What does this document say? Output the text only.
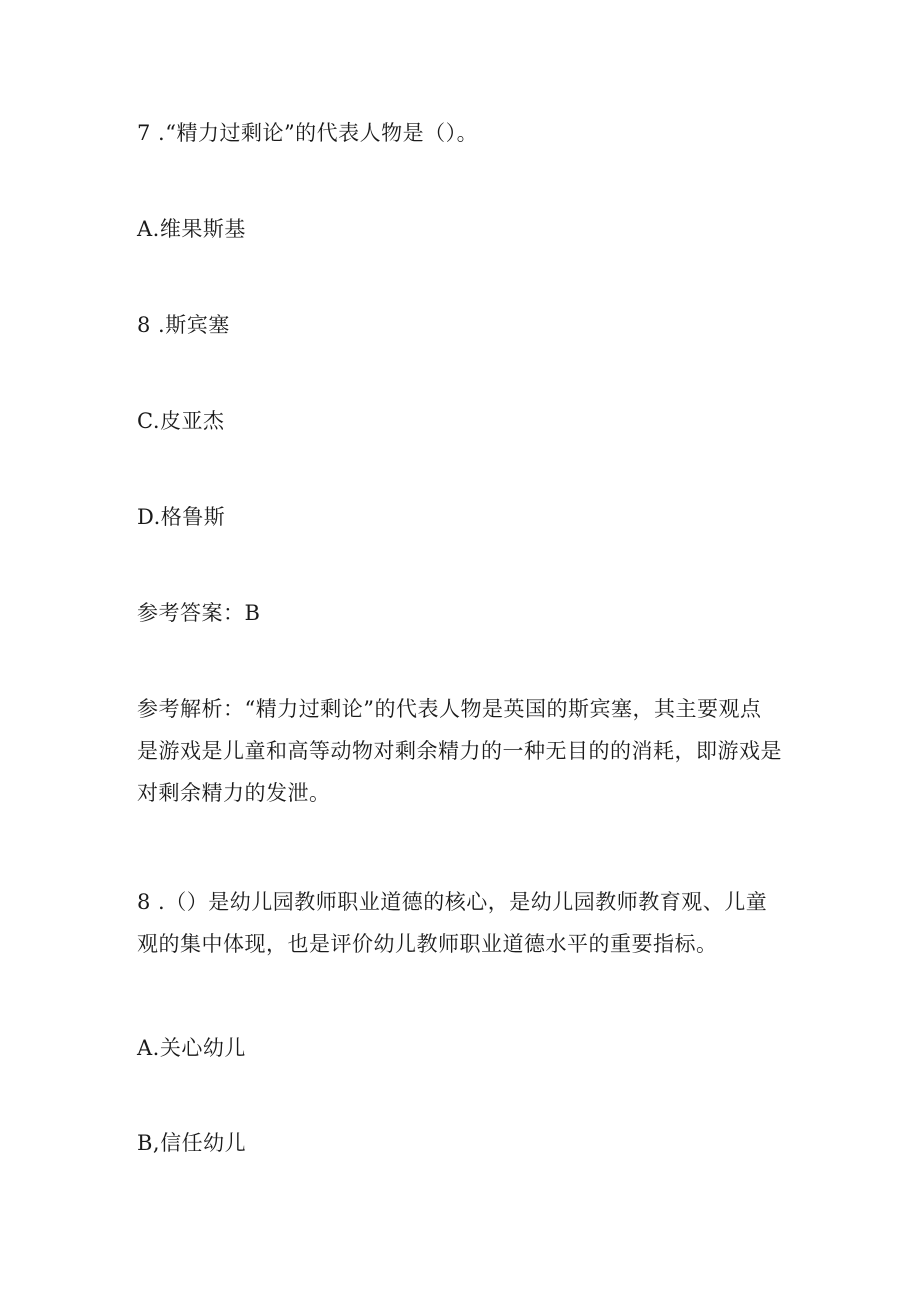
7 .“精力过剩论”的代表人物是（）。
A.维果斯基
8 .斯宾塞
C.皮亚杰
D.格鲁斯
参考答案：B
参考解析：“精力过剩论”的代表人物是英国的斯宾塞，其主要观点
是游戏是儿童和高等动物对剩余精力的一种无目的的消耗，即游戏是
对剩余精力的发泄。
8 .（）是幼儿园教师职业道德的核心，是幼儿园教师教育观、儿童
观的集中体现，也是评价幼儿教师职业道德水平的重要指标。
A.关心幼儿
B,信任幼儿
